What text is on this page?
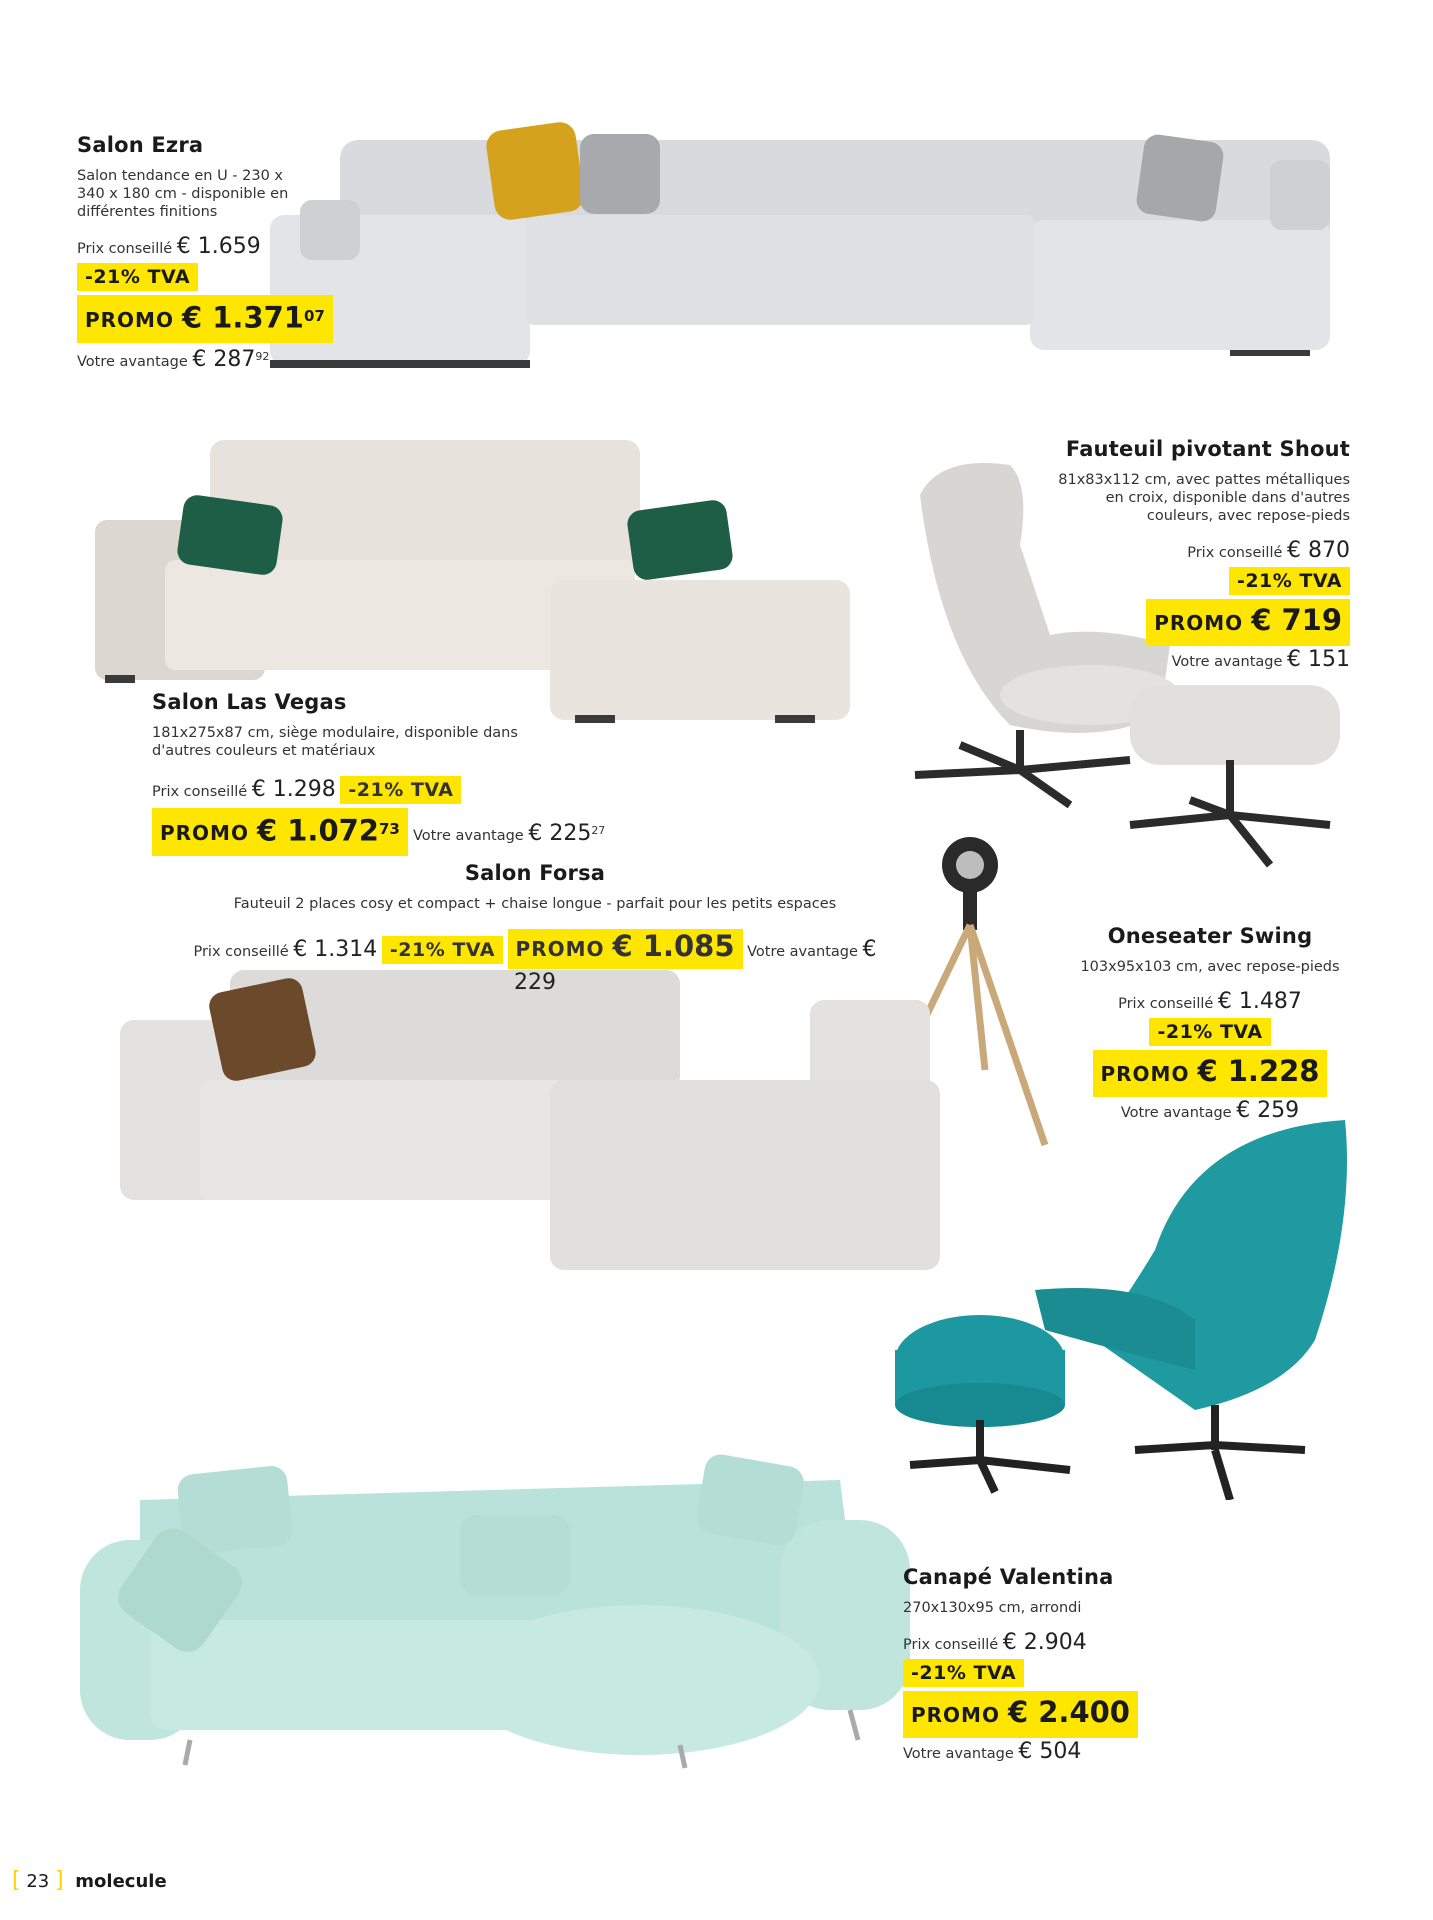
Salon Ezra
Salon tendance en U - 230 x
340 x 180 cm - disponible en
différentes finitions
Prix conseillé € 1.659
-21% TVA
PROMO € 1.371$^{07}$
Votre avantage € $287^{92}$
Fauteuil pivotant Shout
81x83x112 cm, avec pattes métalliques
en croix, disponible dans d'autres
couleurs, avec repose-pieds
Prix conseillé € 870
-21% TVA
PROMO € 719
Votre avantage € 151
Salon Las Vegas
181x275x87 cm, siège modulaire, disponible dans
d'autres couleurs et matériaux
Prix conseillé € 1.298 -21% TVA
PROMO € 1.072$^{73}$ Votre avantage € $225^{27}$
Salon Forsa
Fauteuil 2 places cosy et compact + chaise longue - parfait pour les petits espaces
Prix conseillé € 1.314 -21% TVA PROMO € 1.085 Votre avantage € 229
Oneseater Swing
103x95x103 cm, avec repose-pieds
Prix conseillé € 1.487
-21% TVA
PROMO € 1.228
Votre avantage € 259
Canapé Valentina
270x130x95 cm, arrondi
Prix conseillé € 2.904
-21% TVA
PROMO € 2.400
Votre avantage € 504
[ 23 ] molecule
